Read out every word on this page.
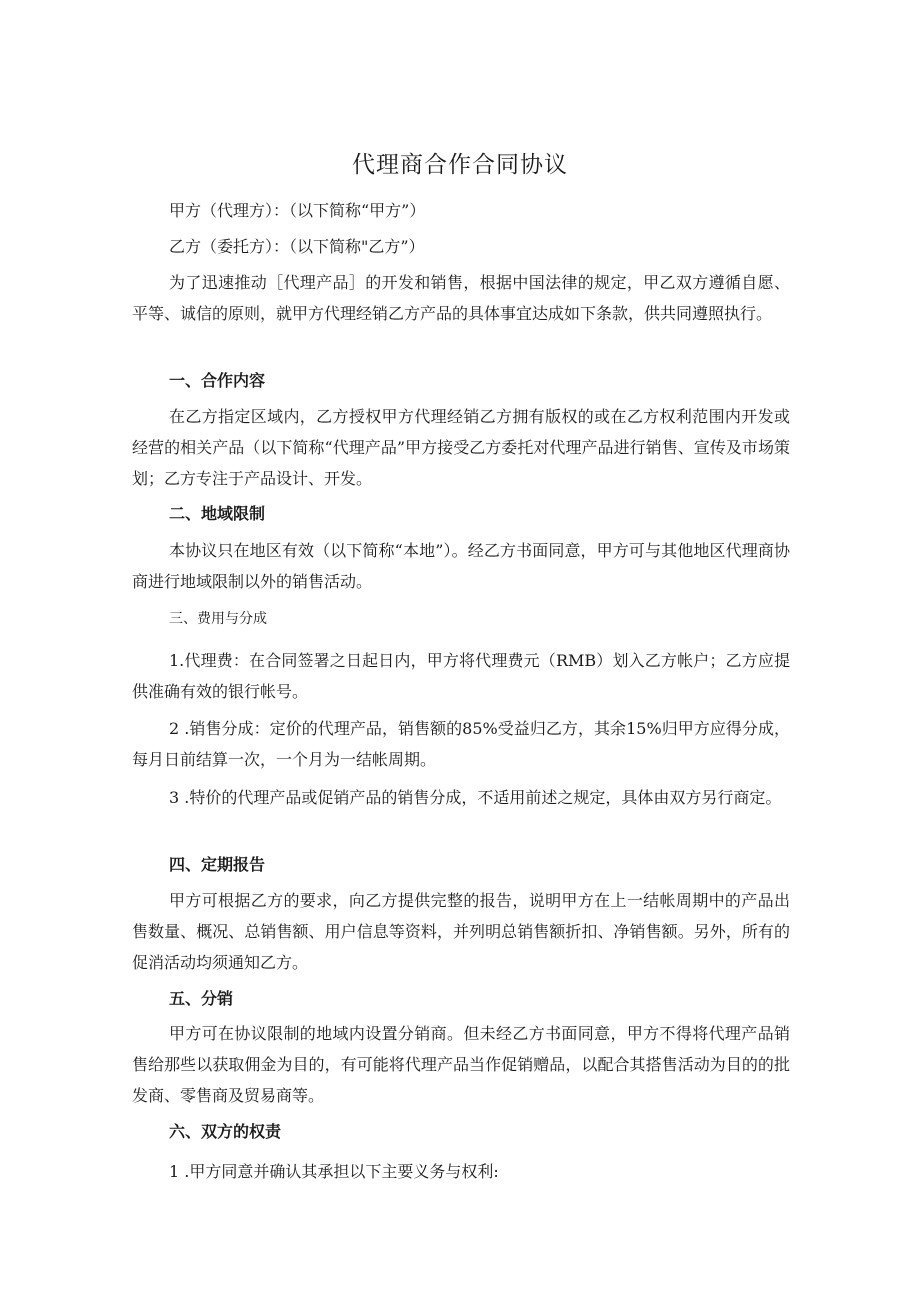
代理商合作合同协议

甲方（代理方）：（以下简称“甲方”）

乙方（委托方）：（以下简称"乙方”）

为了迅速推动［代理产品］的开发和销售，根据中国法律的规定，甲乙双方遵循自愿、平等、诚信的原则，就甲方代理经销乙方产品的具体事宜达成如下条款，供共同遵照执行。

一、合作内容

在乙方指定区域内，乙方授权甲方代理经销乙方拥有版权的或在乙方权利范围内开发或经营的相关产品（以下简称“代理产品”甲方接受乙方委托对代理产品进行销售、宣传及市场策划；乙方专注于产品设计、开发。

二、地域限制

本协议只在地区有效（以下简称“本地”）。经乙方书面同意，甲方可与其他地区代理商协商进行地域限制以外的销售活动。

三、费用与分成

1.代理费：在合同签署之日起日内，甲方将代理费元（RMB）划入乙方帐户；乙方应提供准确有效的银行帐号。

2 .销售分成：定价的代理产品，销售额的85%受益归乙方，其余15%归甲方应得分成，每月日前结算一次，一个月为一结帐周期。

3 .特价的代理产品或促销产品的销售分成，不适用前述之规定，具体由双方另行商定。

四、定期报告

甲方可根据乙方的要求，向乙方提供完整的报告，说明甲方在上一结帐周期中的产品出售数量、概况、总销售额、用户信息等资料，并列明总销售额折扣、净销售额。另外，所有的促消活动均须通知乙方。

五、分销

甲方可在协议限制的地域内设置分销商。但未经乙方书面同意，甲方不得将代理产品销售给那些以获取佣金为目的，有可能将代理产品当作促销赠品，以配合其搭售活动为目的的批发商、零售商及贸易商等。

六、双方的权责

1 .甲方同意并确认其承担以下主要义务与权利:
